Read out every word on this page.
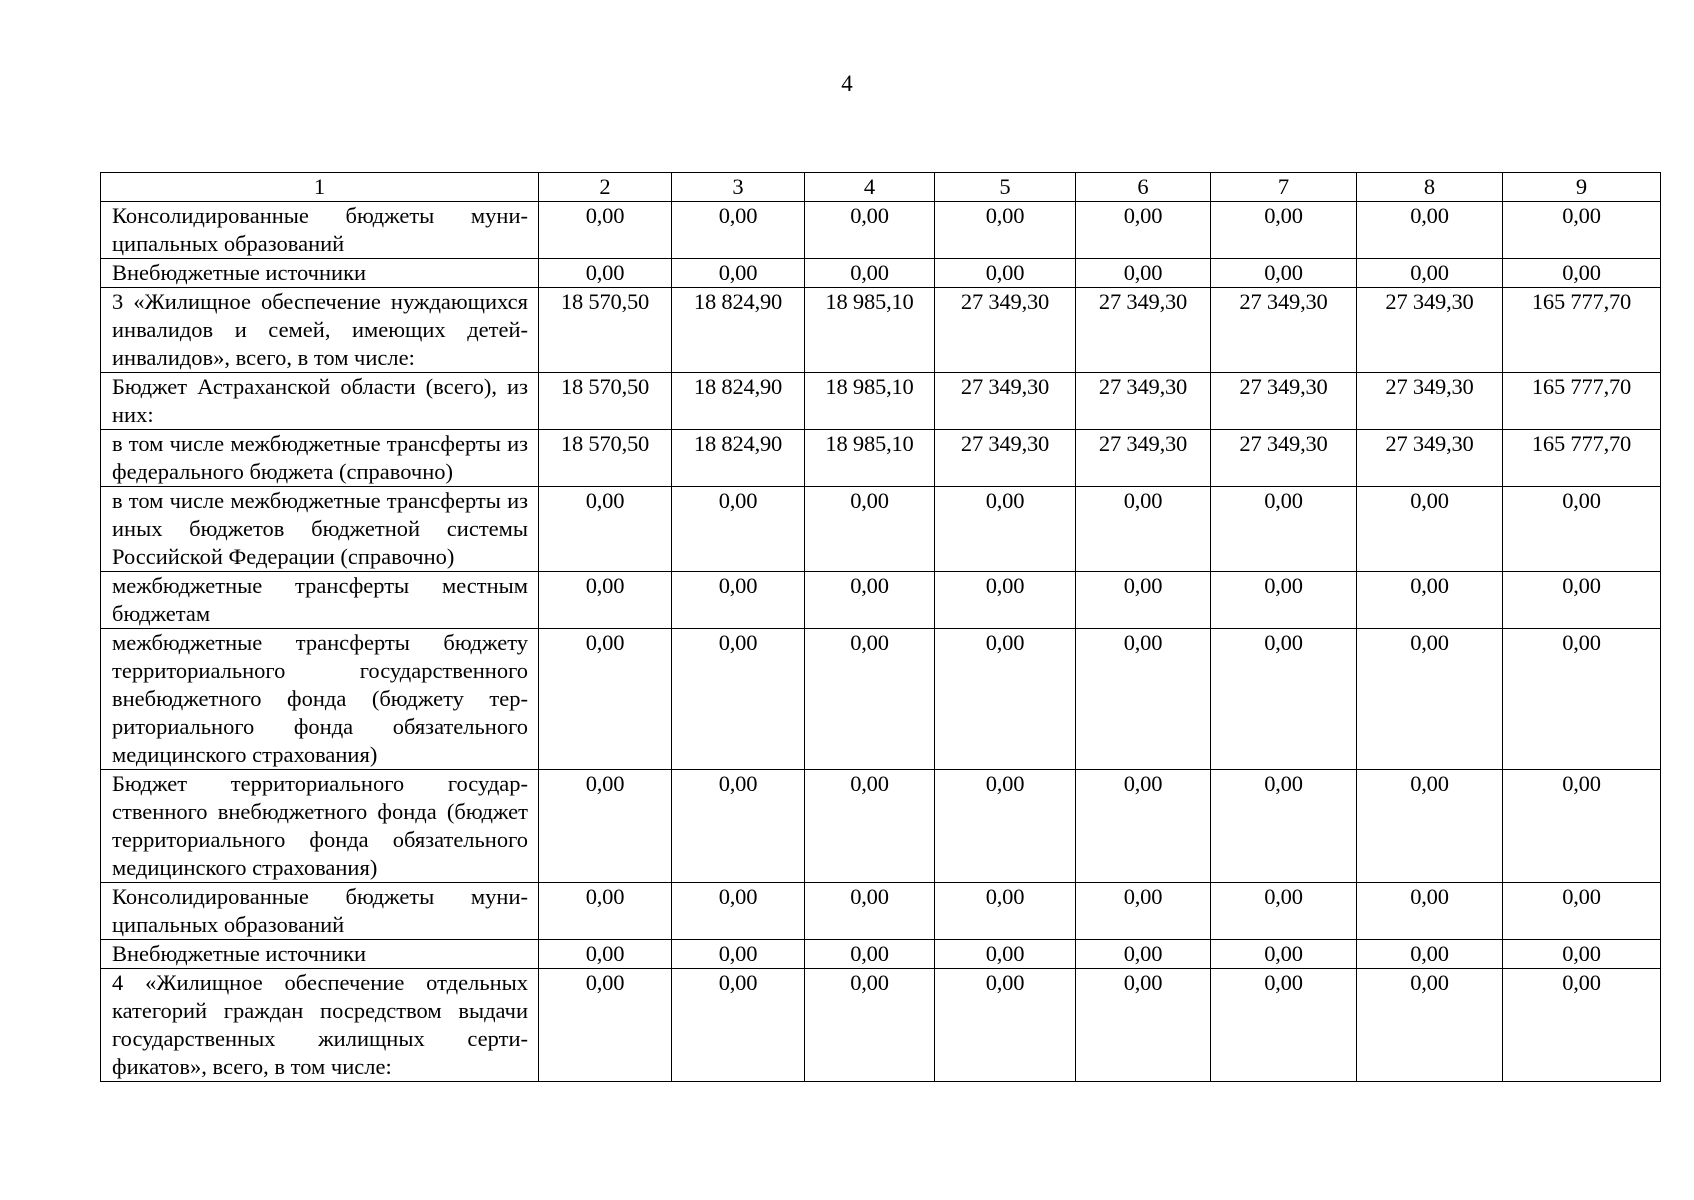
4
1	2	3	4	5	6	7	8	9
Консолидированные бюджеты муниципальных образований	0,00	0,00	0,00	0,00	0,00	0,00	0,00	0,00
Внебюджетные источники	0,00	0,00	0,00	0,00	0,00	0,00	0,00	0,00
3 «Жилищное обеспечение нуждающихся инвалидов и семей, имеющих детей-инвалидов», всего, в том числе:	18 570,50	18 824,90	18 985,10	27 349,30	27 349,30	27 349,30	27 349,30	165 777,70
Бюджет Астраханской области (всего), из них:	18 570,50	18 824,90	18 985,10	27 349,30	27 349,30	27 349,30	27 349,30	165 777,70
в том числе межбюджетные трансферты из федерального бюджета (справочно)	18 570,50	18 824,90	18 985,10	27 349,30	27 349,30	27 349,30	27 349,30	165 777,70
в том числе межбюджетные трансферты из иных бюджетов бюджетной системы Российской Федерации (справочно)	0,00	0,00	0,00	0,00	0,00	0,00	0,00	0,00
межбюджетные трансферты местным бюджетам	0,00	0,00	0,00	0,00	0,00	0,00	0,00	0,00
межбюджетные трансферты бюджету территориального государственного внебюджетного фонда (бюджету территориального фонда обязательного медицинского страхования)	0,00	0,00	0,00	0,00	0,00	0,00	0,00	0,00
Бюджет территориального государственного внебюджетного фонда (бюджет территориального фонда обязательного медицинского страхования)	0,00	0,00	0,00	0,00	0,00	0,00	0,00	0,00
Консолидированные бюджеты муниципальных образований	0,00	0,00	0,00	0,00	0,00	0,00	0,00	0,00
Внебюджетные источники	0,00	0,00	0,00	0,00	0,00	0,00	0,00	0,00
4 «Жилищное обеспечение отдельных категорий граждан посредством выдачи государственных жилищных сертификатов», всего, в том числе:	0,00	0,00	0,00	0,00	0,00	0,00	0,00	0,00
